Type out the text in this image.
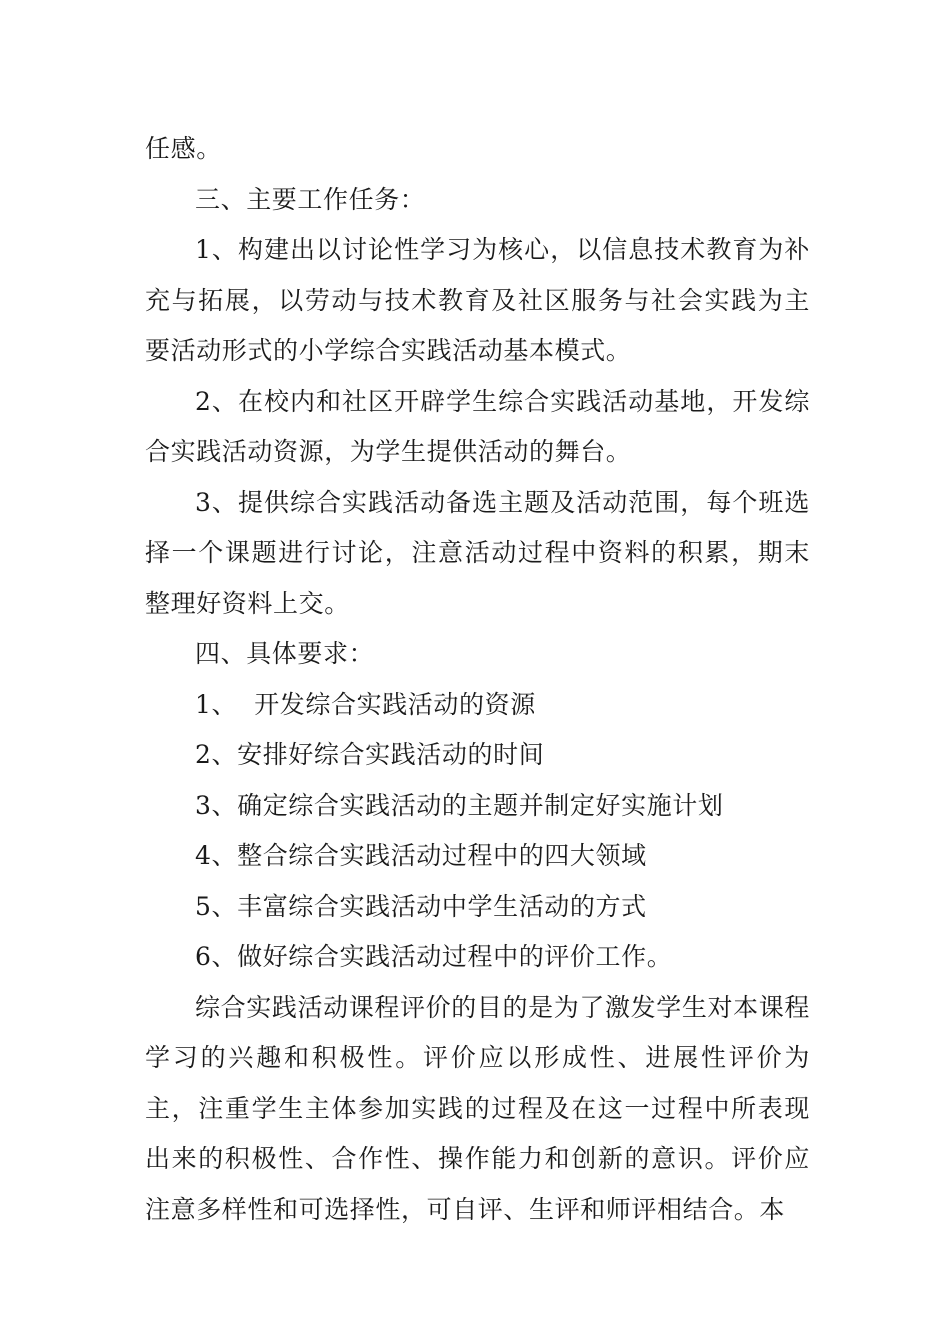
任感。

三、主要工作任务：

1、构建出以讨论性学习为核心，以信息技术教育为补充与拓展，以劳动与技术教育及社区服务与社会实践为主要活动形式的小学综合实践活动基本模式。

2、在校内和社区开辟学生综合实践活动基地，开发综合实践活动资源，为学生提供活动的舞台。

3、提供综合实践活动备选主题及活动范围，每个班选择一个课题进行讨论，注意活动过程中资料的积累，期末整理好资料上交。

四、具体要求：

1、  开发综合实践活动的资源

2、安排好综合实践活动的时间

3、确定综合实践活动的主题并制定好实施计划

4、整合综合实践活动过程中的四大领域

5、丰富综合实践活动中学生活动的方式

6、做好综合实践活动过程中的评价工作。

综合实践活动课程评价的目的是为了激发学生对本课程学习的兴趣和积极性。评价应以形成性、进展性评价为主，注重学生主体参加实践的过程及在这一过程中所表现出来的积极性、合作性、操作能力和创新的意识。评价应注意多样性和可选择性，可自评、生评和师评相结合。本
